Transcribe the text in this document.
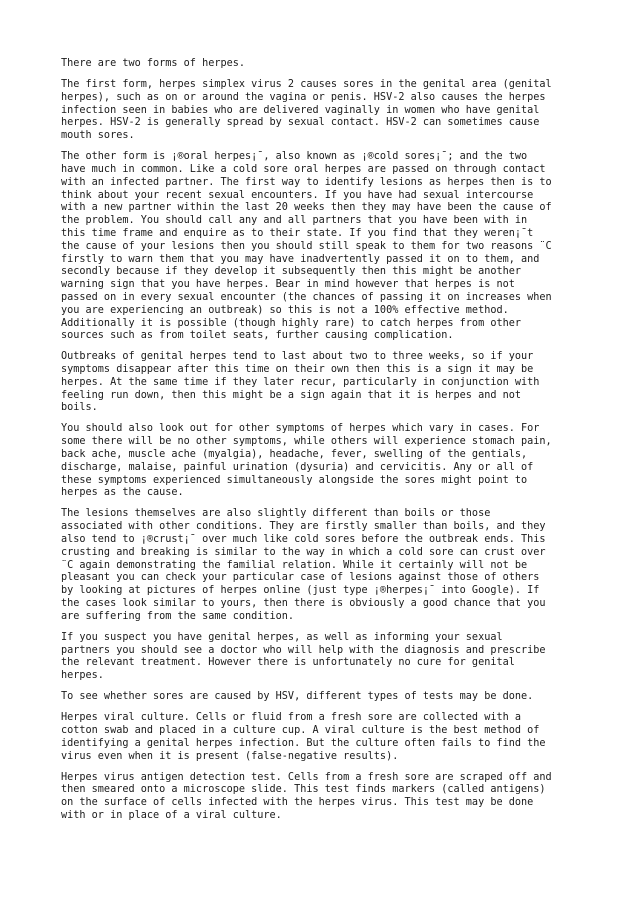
There are two forms of herpes.

The first form, herpes simplex virus 2 causes sores in the genital area (genital
herpes), such as on or around the vagina or penis. HSV-2 also causes the herpes
infection seen in babies who are delivered vaginally in women who have genital
herpes. HSV-2 is generally spread by sexual contact. HSV-2 can sometimes cause
mouth sores.

The other form is ¡®oral herpes¡¯, also known as ¡®cold sores¡¯; and the two
have much in common. Like a cold sore oral herpes are passed on through contact
with an infected partner. The first way to identify lesions as herpes then is to
think about your recent sexual encounters. If you have had sexual intercourse
with a new partner within the last 20 weeks then they may have been the cause of
the problem. You should call any and all partners that you have been with in
this time frame and enquire as to their state. If you find that they weren¡¯t
the cause of your lesions then you should still speak to them for two reasons ¨C
firstly to warn them that you may have inadvertently passed it on to them, and
secondly because if they develop it subsequently then this might be another
warning sign that you have herpes. Bear in mind however that herpes is not
passed on in every sexual encounter (the chances of passing it on increases when
you are experiencing an outbreak) so this is not a 100% effective method.
Additionally it is possible (though highly rare) to catch herpes from other
sources such as from toilet seats, further causing complication.

Outbreaks of genital herpes tend to last about two to three weeks, so if your
symptoms disappear after this time on their own then this is a sign it may be
herpes. At the same time if they later recur, particularly in conjunction with
feeling run down, then this might be a sign again that it is herpes and not
boils.

You should also look out for other symptoms of herpes which vary in cases. For
some there will be no other symptoms, while others will experience stomach pain,
back ache, muscle ache (myalgia), headache, fever, swelling of the gentials,
discharge, malaise, painful urination (dysuria) and cervicitis. Any or all of
these symptoms experienced simultaneously alongside the sores might point to
herpes as the cause.

The lesions themselves are also slightly different than boils or those
associated with other conditions. They are firstly smaller than boils, and they
also tend to ¡®crust¡¯ over much like cold sores before the outbreak ends. This
crusting and breaking is similar to the way in which a cold sore can crust over
¨C again demonstrating the familial relation. While it certainly will not be
pleasant you can check your particular case of lesions against those of others
by looking at pictures of herpes online (just type ¡®herpes¡¯ into Google). If
the cases look similar to yours, then there is obviously a good chance that you
are suffering from the same condition.

If you suspect you have genital herpes, as well as informing your sexual
partners you should see a doctor who will help with the diagnosis and prescribe
the relevant treatment. However there is unfortunately no cure for genital
herpes.

To see whether sores are caused by HSV, different types of tests may be done.

Herpes viral culture. Cells or fluid from a fresh sore are collected with a
cotton swab and placed in a culture cup. A viral culture is the best method of
identifying a genital herpes infection. But the culture often fails to find the
virus even when it is present (false-negative results).

Herpes virus antigen detection test. Cells from a fresh sore are scraped off and
then smeared onto a microscope slide. This test finds markers (called antigens)
on the surface of cells infected with the herpes virus. This test may be done
with or in place of a viral culture.
